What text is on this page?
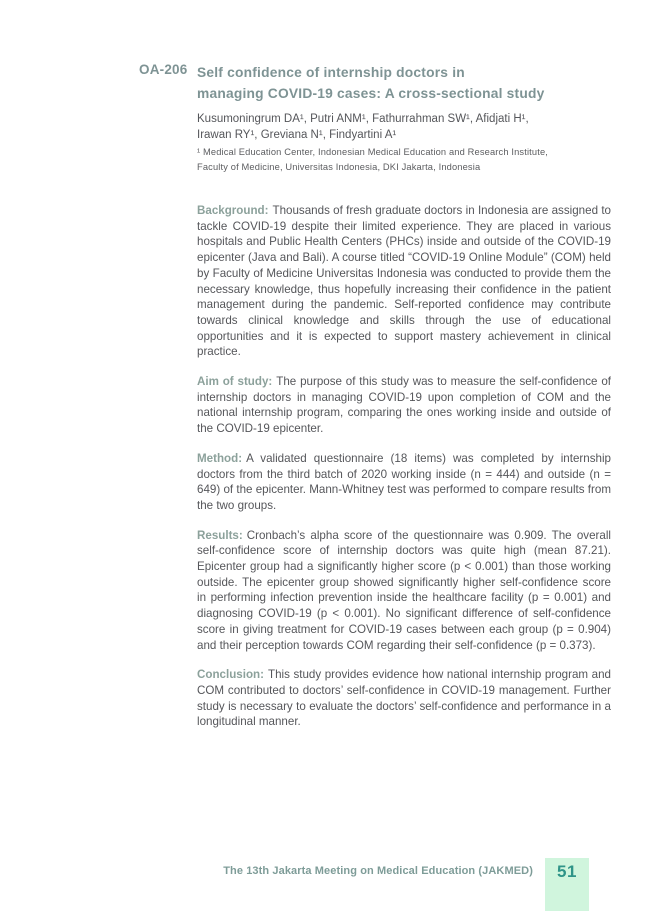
OA-206 Self confidence of internship doctors in
managing COVID-19 cases: A cross-sectional study
Kusumoningrum DA¹, Putri ANM¹, Fathurrahman SW¹, Afidjati H¹,
Irawan RY¹, Greviana N¹, Findyartini A¹
¹ Medical Education Center, Indonesian Medical Education and Research Institute,
Faculty of Medicine, Universitas Indonesia, DKI Jakarta, Indonesia

Background: Thousands of fresh graduate doctors in Indonesia are assigned to tackle COVID-19 despite their limited experience. They are placed in various hospitals and Public Health Centers (PHCs) inside and outside of the COVID-19 epicenter (Java and Bali). A course titled “COVID-19 Online Module” (COM) held by Faculty of Medicine Universitas Indonesia was conducted to provide them the necessary knowledge, thus hopefully increasing their confidence in the patient management during the pandemic. Self-reported confidence may contribute towards clinical knowledge and skills through the use of educational opportunities and it is expected to support mastery achievement in clinical practice.

Aim of study: The purpose of this study was to measure the self-confidence of internship doctors in managing COVID-19 upon completion of COM and the national internship program, comparing the ones working inside and outside of the COVID-19 epicenter.

Method: A validated questionnaire (18 items) was completed by internship doctors from the third batch of 2020 working inside (n = 444) and outside (n = 649) of the epicenter. Mann-Whitney test was performed to compare results from the two groups.

Results: Cronbach’s alpha score of the questionnaire was 0.909. The overall self-confidence score of internship doctors was quite high (mean 87.21). Epicenter group had a significantly higher score (p < 0.001) than those working outside. The epicenter group showed significantly higher self-confidence score in performing infection prevention inside the healthcare facility (p = 0.001) and diagnosing COVID-19 (p < 0.001). No significant difference of self-confidence score in giving treatment for COVID-19 cases between each group (p = 0.904) and their perception towards COM regarding their self-confidence (p = 0.373).

Conclusion: This study provides evidence how national internship program and COM contributed to doctors’ self-confidence in COVID-19 management. Further study is necessary to evaluate the doctors’ self-confidence and performance in a longitudinal manner.

The 13th Jakarta Meeting on Medical Education (JAKMED)	51
